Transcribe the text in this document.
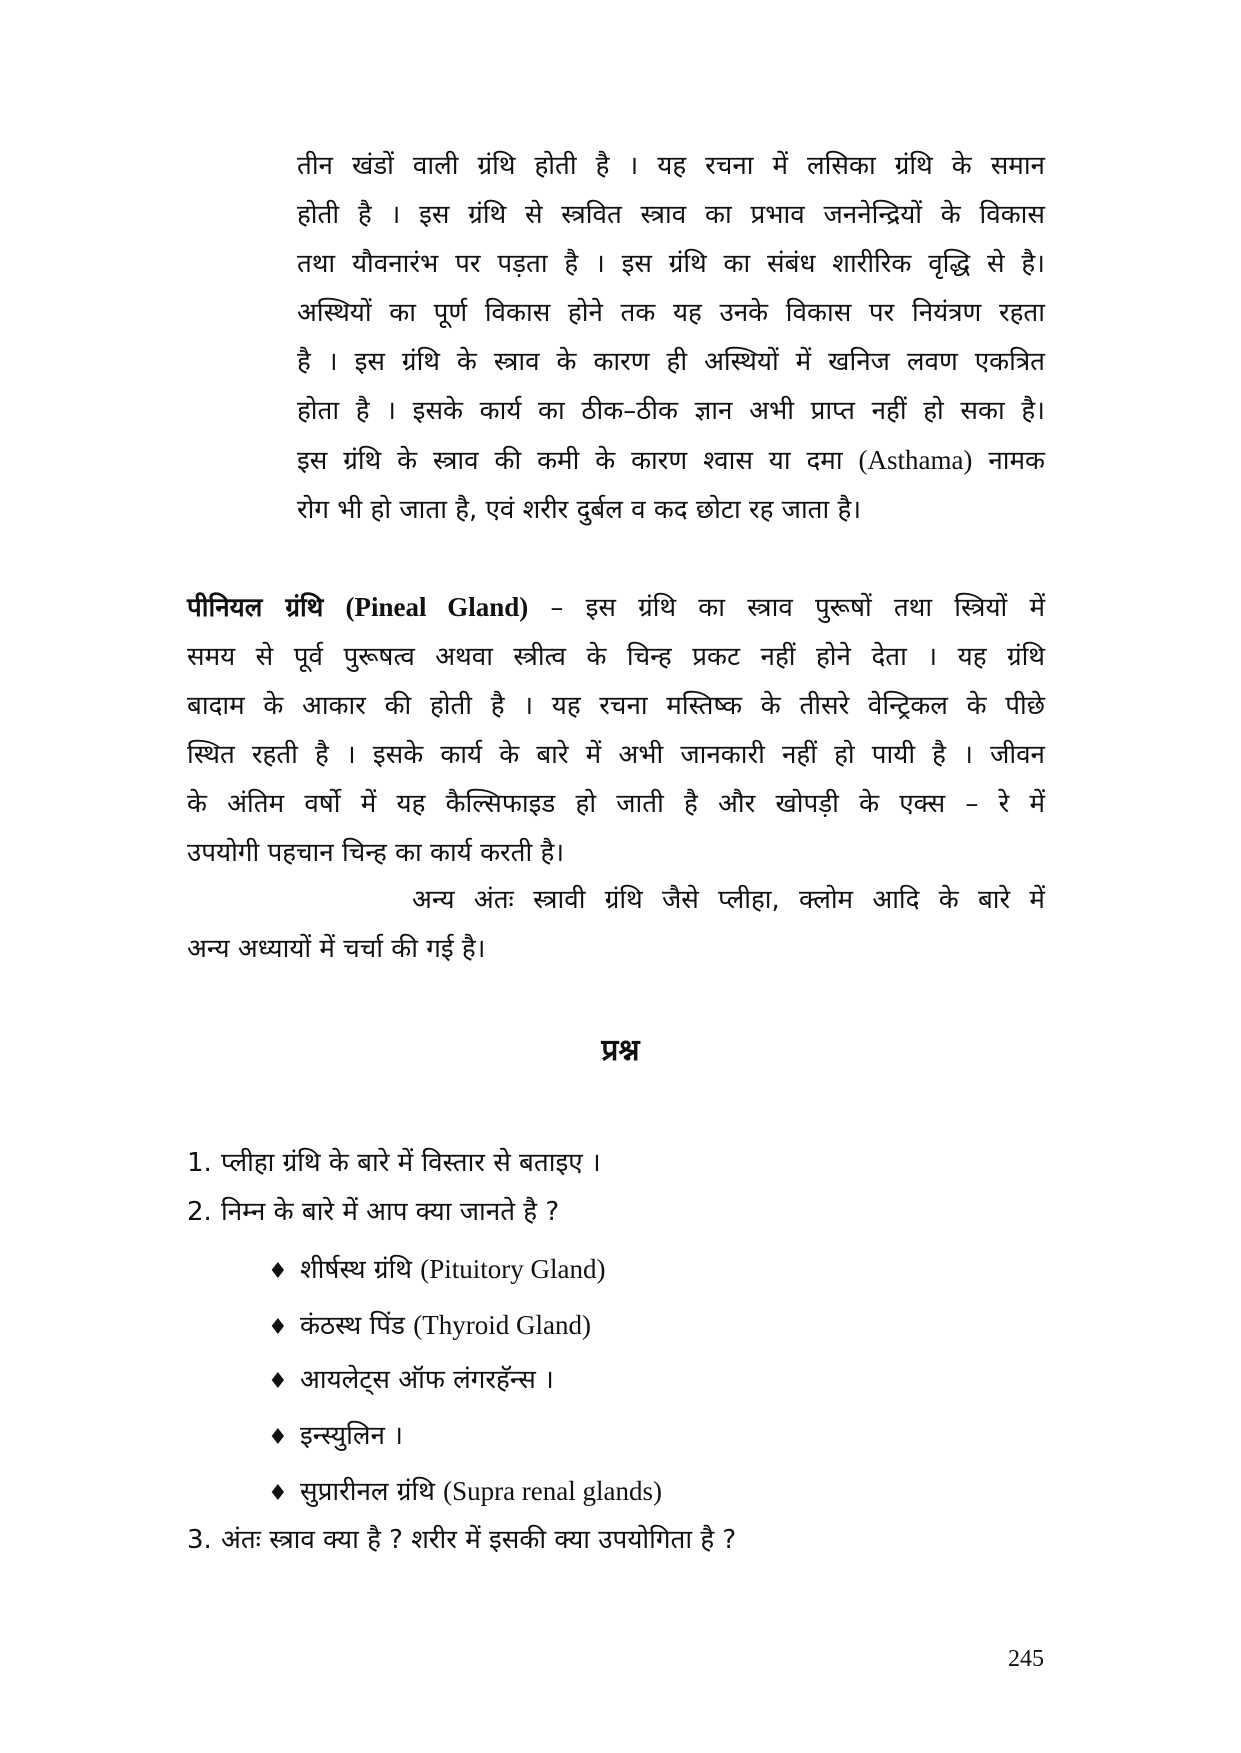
तीन खंडों वाली ग्रंथि होती है । यह रचना में लसिका ग्रंथि के समान
होती है । इस ग्रंथि से स्त्रवित स्त्राव का प्रभाव जननेन्द्रियों के विकास
तथा यौवनारंभ पर पड़ता है । इस ग्रंथि का संबंध शारीरिक वृद्धि से है।
अस्थियों का पूर्ण विकास होने तक यह उनके विकास पर नियंत्रण रहता
है । इस ग्रंथि के स्त्राव के कारण ही अस्थियों में खनिज लवण एकत्रित
होता है । इसके कार्य का ठीक–ठीक ज्ञान अभी प्राप्त नहीं हो सका है।
इस ग्रंथि के स्त्राव की कमी के कारण श्वास या दमा (Asthama) नामक
रोग भी हो जाता है, एवं शरीर दुर्बल व कद छोटा रह जाता है।
पीनियल ग्रंथि (Pineal Gland) – इस ग्रंथि का स्त्राव पुरूषों तथा स्त्रियों में
समय से पूर्व पुरूषत्व अथवा स्त्रीत्व के चिन्ह प्रकट नहीं होने देता । यह ग्रंथि
बादाम के आकार की होती है । यह रचना मस्तिष्क के तीसरे वेन्ट्रिकल के पीछे
स्थित रहती है । इसके कार्य के बारे में अभी जानकारी नहीं हो पायी है । जीवन
के अंतिम वर्षो में यह कैल्सिफाइड हो जाती है और खोपड़ी के एक्स – रे में
उपयोगी पहचान चिन्ह का कार्य करती है।
अन्य अंतः स्त्रावी ग्रंथि जैसे प्लीहा, क्लोम आदि के बारे में
अन्य अध्यायों में चर्चा की गई है।
प्रश्न
1. प्लीहा ग्रंथि के बारे में विस्तार से बताइए ।
2. निम्न के बारे में आप क्या जानते है ?
♦ शीर्षस्थ ग्रंथि (Pituitory Gland)
♦ कंठस्थ पिंड (Thyroid Gland)
♦ आयलेट्स ऑफ लंगरहॅन्स ।
♦ इन्स्युलिन ।
♦ सुप्रारीनल ग्रंथि (Supra renal glands)
3. अंतः स्त्राव क्या है ? शरीर में इसकी क्या उपयोगिता है ?
245
